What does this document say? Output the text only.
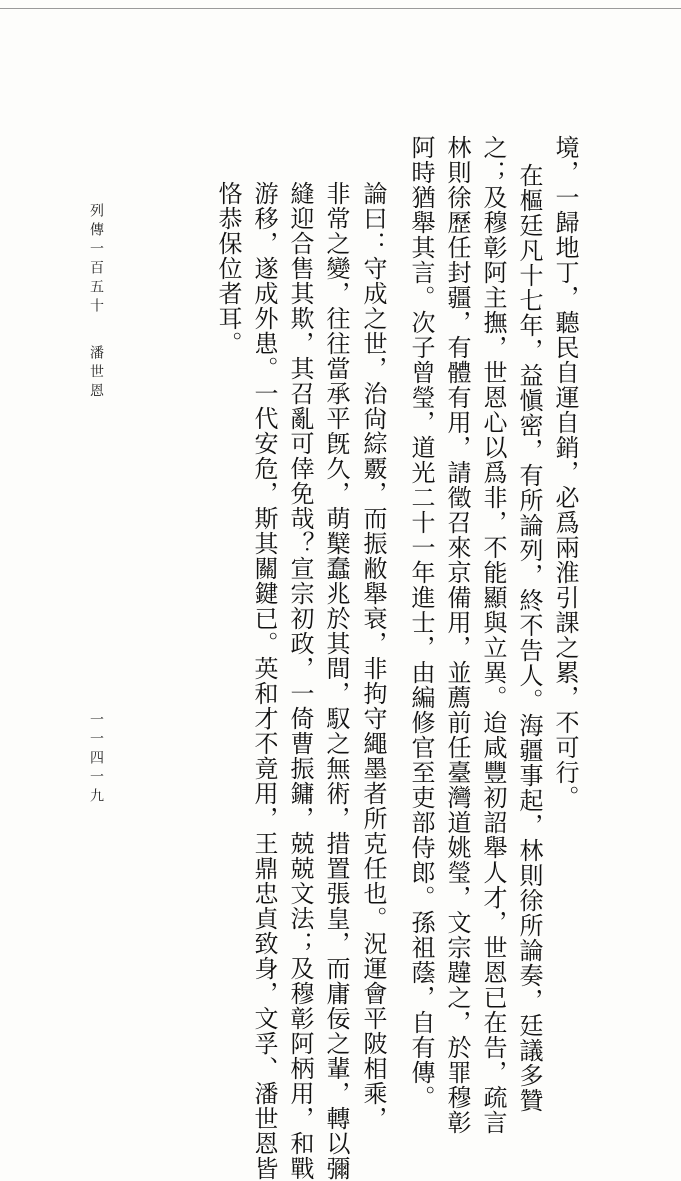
境，一歸地丁，聽民自運自銷，必爲兩淮引課之累，不可行。
在樞廷凡十七年，益愼密，有所論列，終不告人。海疆事起，林則徐所論奏，廷議多贊
之；及穆彰阿主撫，世恩心以爲非，不能顯與立異。迨咸豐初詔舉人才，世恩已在告，疏言
林則徐歷任封疆，有體有用，請徵召來京備用，並薦前任臺灣道姚瑩，文宗韙之，於罪穆彰
阿時猶舉其言。次子曾瑩，道光二十一年進士，由編修官至吏部侍郎。孫祖蔭，自有傳。
論曰：守成之世，治尙綜覈，而振敝舉衰，非拘守繩墨者所克任也。況運會平陂相乘，
非常之變，往往當承平旣久，萌櫱蠢兆於其間，馭之無術，措置張皇，而庸佞之輩，轉以彌
縫迎合售其欺，其召亂可倖免哉？宣宗初政，一倚曹振鏞，兢兢文法；及穆彰阿柄用，和戰
游移，遂成外患。一代安危，斯其關鍵已。英和才不竟用，王鼎忠貞致身，文孚、潘世恩皆
恪恭保位者耳。
列傳一百五十
潘世恩
一一四一九
